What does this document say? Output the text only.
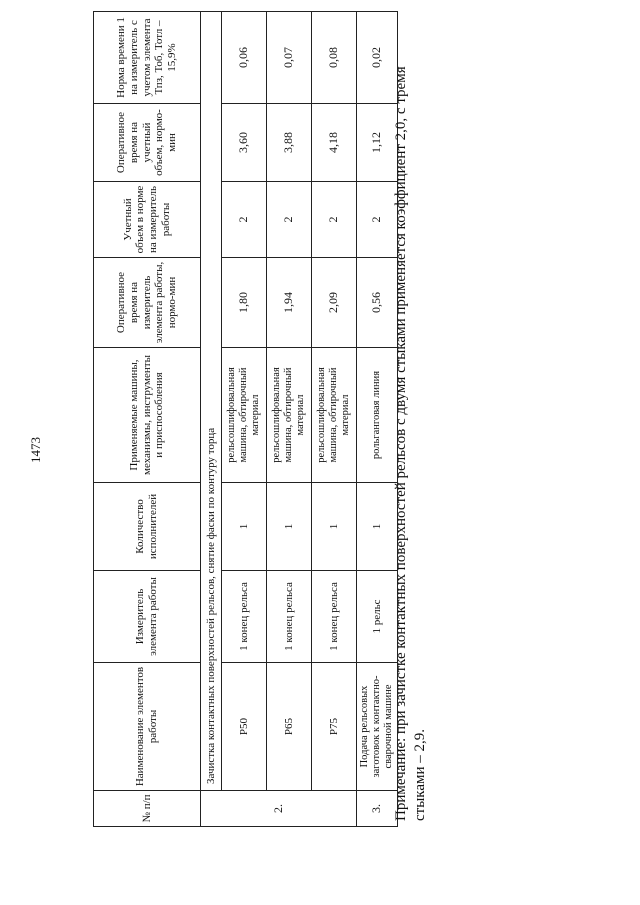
1473
№ п/п	Наименование элементов работы	Измеритель элемента работы	Количество исполнителей	Применяемые машины, механизмы, инструменты и приспособления	Оперативное время на измеритель элемента работы, нормо-мин	Учетный объем в норме на измеритель работы	Оперативное время на учетный объем, нормо-мин	Норма времени 1 на измеритель с учетом элемента Тпз, Тоб, Тотл – 15,9%
2.	Зачистка контактных поверхностей рельсов, снятие фаски по контуру торца							
	Р50	1 конец рельса	1	рельсошлифовальная машина, обтирочный материал	1,80	2	3,60	0,06
	Р65	1 конец рельса	1	рельсошлифовальная машина, обтирочный материал	1,94	2	3,88	0,07
	Р75	1 конец рельса	1	рельсошлифовальная машина, обтирочный материал	2,09	2	4,18	0,08
3.	Подача рельсовых заготовок к контактно-сварочной машине	1 рельс	1	рольганговая линия	0,56	2	1,12	0,02
Примечание: при зачистке контактных поверхностей рельсов с двумя стыками применяется коэффициент 2,0, с тремя стыками – 2,9.
